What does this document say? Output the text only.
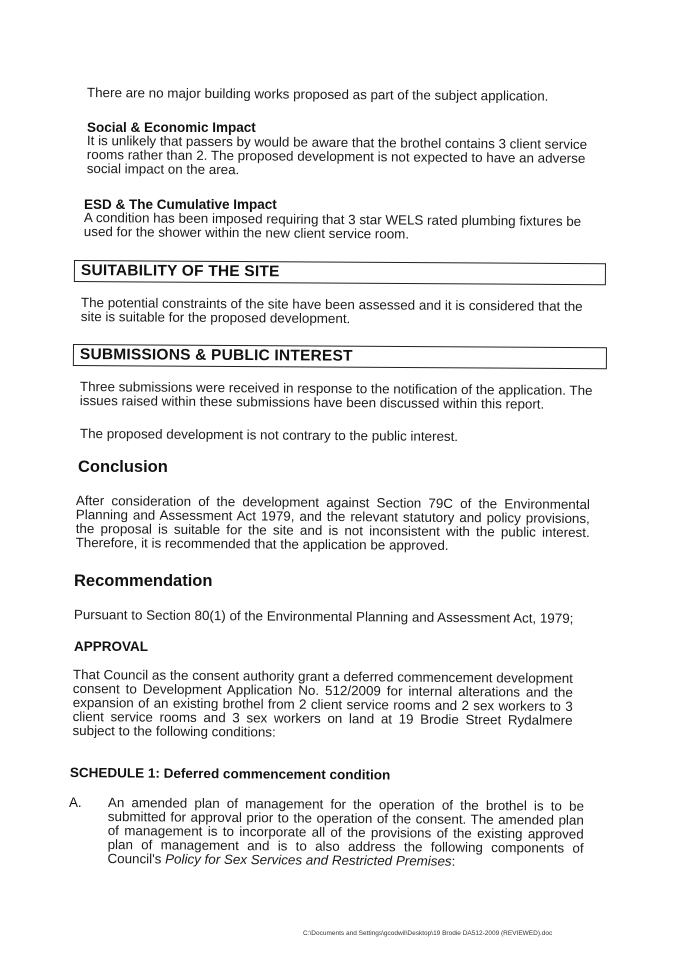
There are no major building works proposed as part of the subject application.
Social & Economic Impact
It is unlikely that passers by would be aware that the brothel contains 3 client service rooms rather than 2. The proposed development is not expected to have an adverse social impact on the area.
ESD & The Cumulative Impact
A condition has been imposed requiring that 3 star WELS rated plumbing fixtures be used for the shower within the new client service room.
SUITABILITY OF THE SITE
The potential constraints of the site have been assessed and it is considered that the site is suitable for the proposed development.
SUBMISSIONS & PUBLIC INTEREST
Three submissions were received in response to the notification of the application. The issues raised within these submissions have been discussed within this report.
The proposed development is not contrary to the public interest.
Conclusion
After consideration of the development against Section 79C of the Environmental Planning and Assessment Act 1979, and the relevant statutory and policy provisions, the proposal is suitable for the site and is not inconsistent with the public interest. Therefore, it is recommended that the application be approved.
Recommendation
Pursuant to Section 80(1) of the Environmental Planning and Assessment Act, 1979;
APPROVAL
That Council as the consent authority grant a deferred commencement development consent to Development Application No. 512/2009 for internal alterations and the expansion of an existing brothel from 2 client service rooms and 2 sex workers to 3 client service rooms and 3 sex workers on land at 19 Brodie Street Rydalmere subject to the following conditions:
SCHEDULE 1: Deferred commencement condition
A. An amended plan of management for the operation of the brothel is to be submitted for approval prior to the operation of the consent. The amended plan of management is to incorporate all of the provisions of the existing approved plan of management and is to also address the following components of Council's Policy for Sex Services and Restricted Premises:
C:\Documents and Settings\gcodwil\Desktop\19 Brodie DA512-2009 (REVIEWED).doc
